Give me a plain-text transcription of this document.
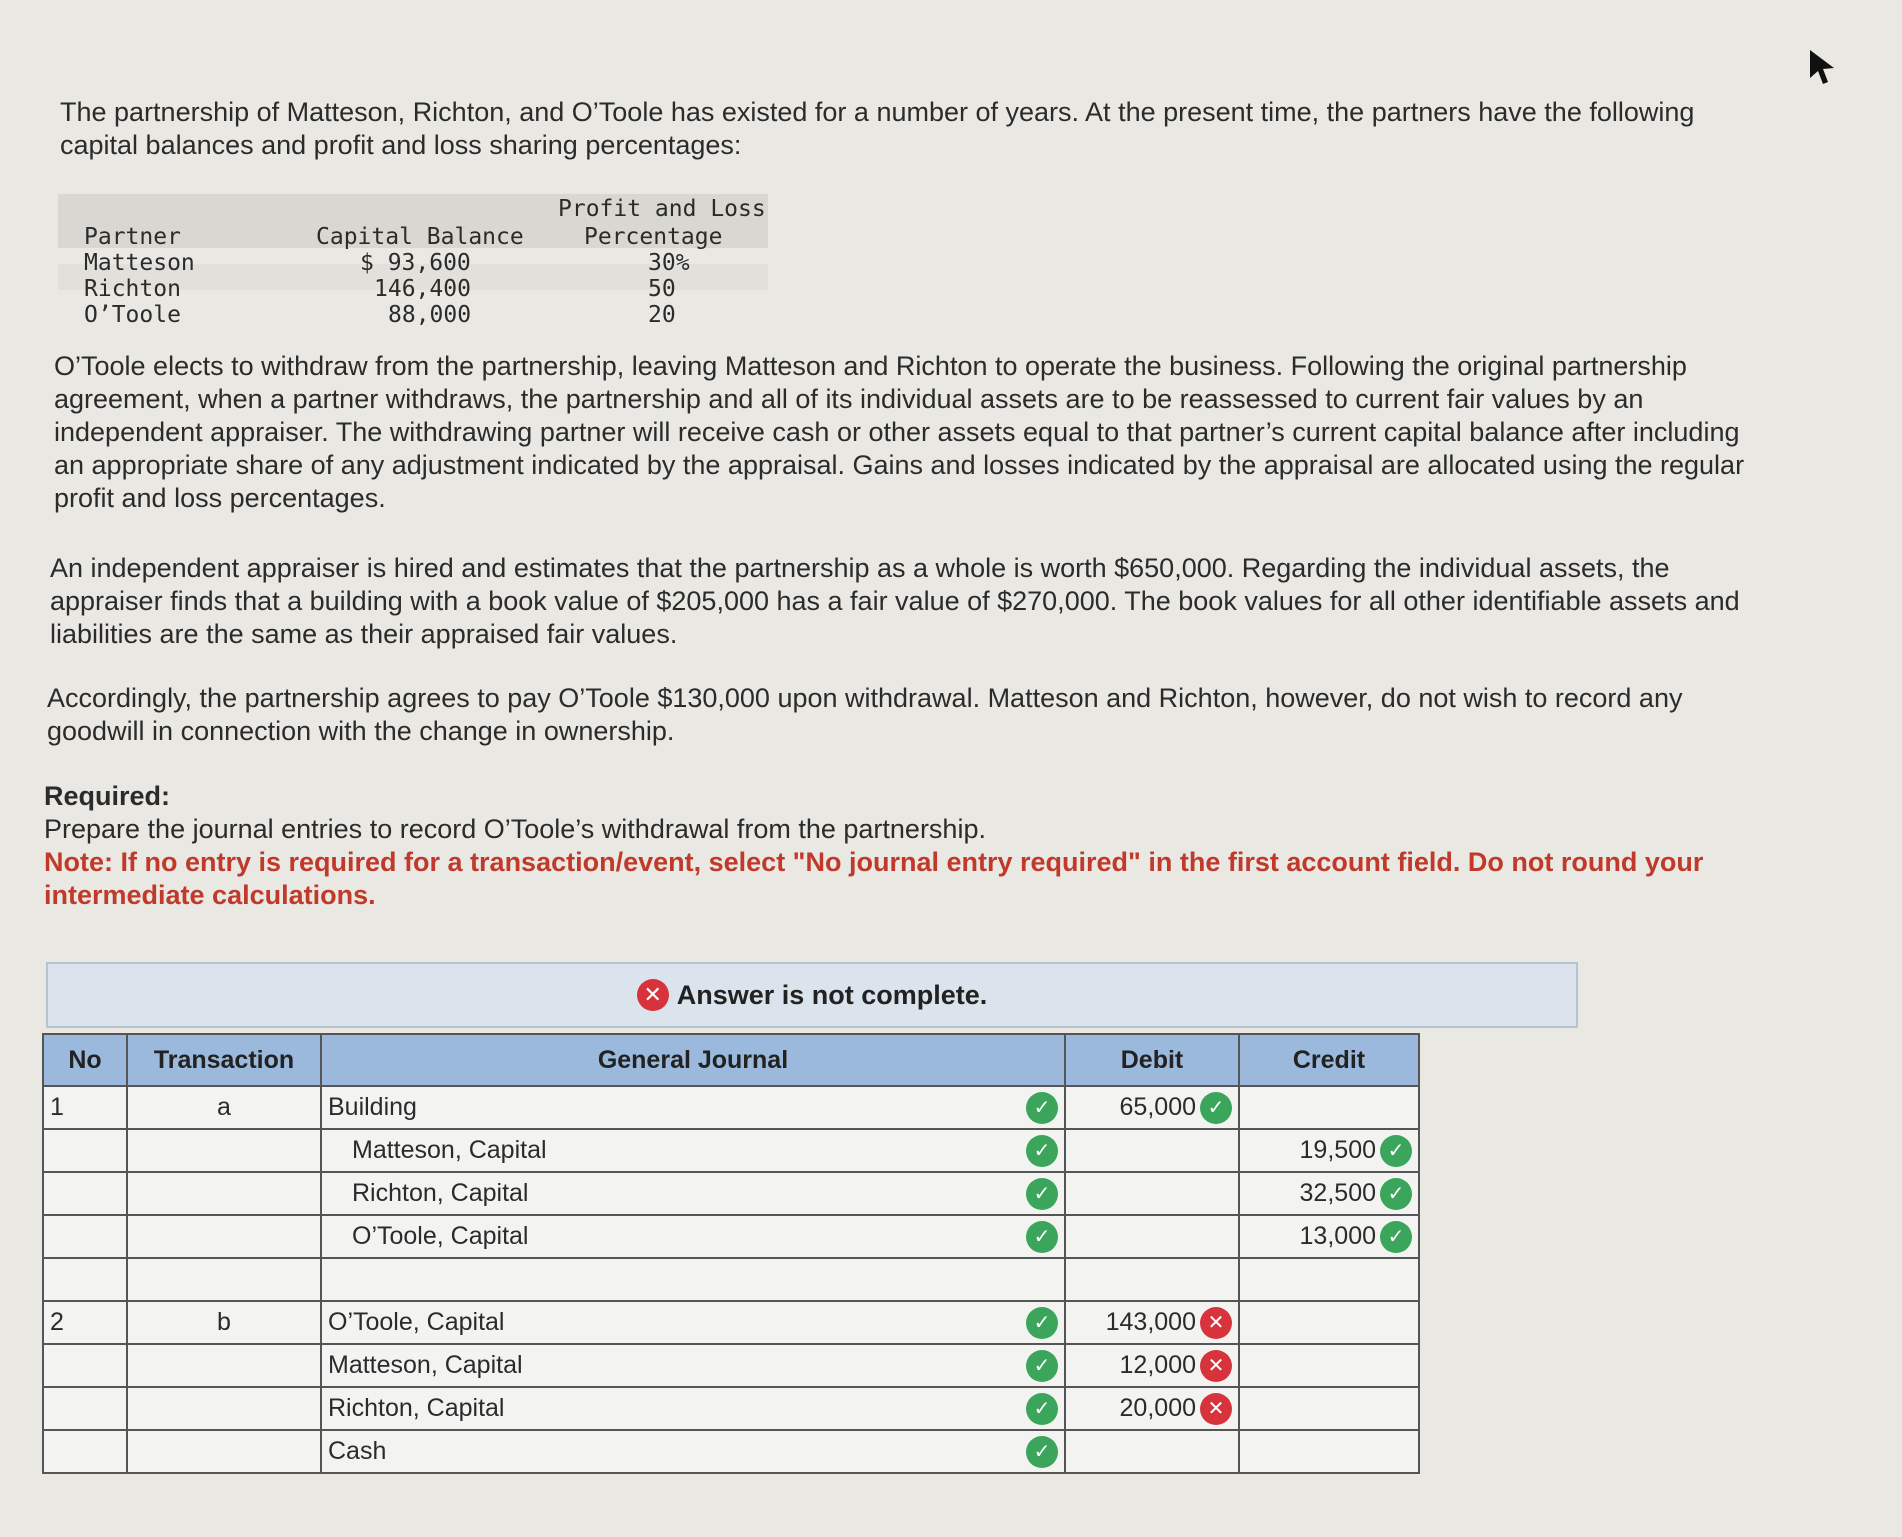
The partnership of Matteson, Richton, and O’Toole has existed for a number of years. At the present time, the partners have the following capital balances and profit and loss sharing percentages:
Profit and Loss
Partner	Capital Balance	Percentage
Matteson	$ 93,600	30%
Richton	146,400	50
O’Toole	88,000	20
O’Toole elects to withdraw from the partnership, leaving Matteson and Richton to operate the business. Following the original partnership agreement, when a partner withdraws, the partnership and all of its individual assets are to be reassessed to current fair values by an independent appraiser. The withdrawing partner will receive cash or other assets equal to that partner’s current capital balance after including an appropriate share of any adjustment indicated by the appraisal. Gains and losses indicated by the appraisal are allocated using the regular profit and loss percentages.
An independent appraiser is hired and estimates that the partnership as a whole is worth $650,000. Regarding the individual assets, the appraiser finds that a building with a book value of $205,000 has a fair value of $270,000. The book values for all other identifiable assets and liabilities are the same as their appraised fair values.
Accordingly, the partnership agrees to pay O’Toole $130,000 upon withdrawal. Matteson and Richton, however, do not wish to record any goodwill in connection with the change in ownership.
Required:
Prepare the journal entries to record O’Toole’s withdrawal from the partnership.
Note: If no entry is required for a transaction/event, select "No journal entry required" in the first account field. Do not round your intermediate calculations.
✕ Answer is not complete.
No	Transaction	General Journal	Debit	Credit
1	a	Building ✓	65,000 ✓	

		Matteson, Capital ✓		19,500 ✓

		Richton, Capital ✓		32,500 ✓

		O’Toole, Capital ✓		13,000 ✓

2	b	O’Toole, Capital ✓	143,000 ✕	

		Matteson, Capital ✓	12,000 ✕	

		Richton, Capital ✓	20,000 ✕	

		Cash ✓		
